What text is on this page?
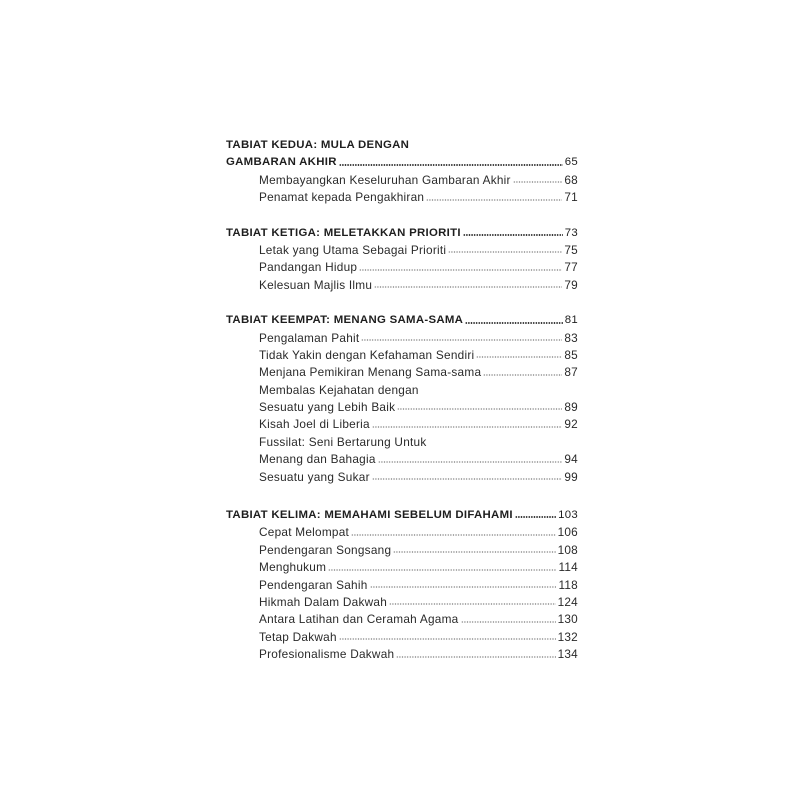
TABIAT KEDUA: MULA DENGAN
GAMBARAN AKHIR	65
Membayangkan Keseluruhan Gambaran Akhir	68
Penamat kepada Pengakhiran	71
TABIAT KETIGA: MELETAKKAN PRIORITI	73
Letak yang Utama Sebagai Prioriti	75
Pandangan Hidup	77
Kelesuan Majlis Ilmu	79
TABIAT KEEMPAT: MENANG SAMA-SAMA	81
Pengalaman Pahit	83
Tidak Yakin dengan Kefahaman Sendiri	85
Menjana Pemikiran Menang Sama-sama	87
Membalas Kejahatan dengan
Sesuatu yang Lebih Baik	89
Kisah Joel di Liberia	92
Fussilat: Seni Bertarung Untuk
Menang dan Bahagia	94
Sesuatu yang Sukar	99
TABIAT KELIMA: MEMAHAMI SEBELUM DIFAHAMI	103
Cepat Melompat	106
Pendengaran Songsang	108
Menghukum	114
Pendengaran Sahih	118
Hikmah Dalam Dakwah	124
Antara Latihan dan Ceramah Agama	130
Tetap Dakwah	132
Profesionalisme Dakwah	134
